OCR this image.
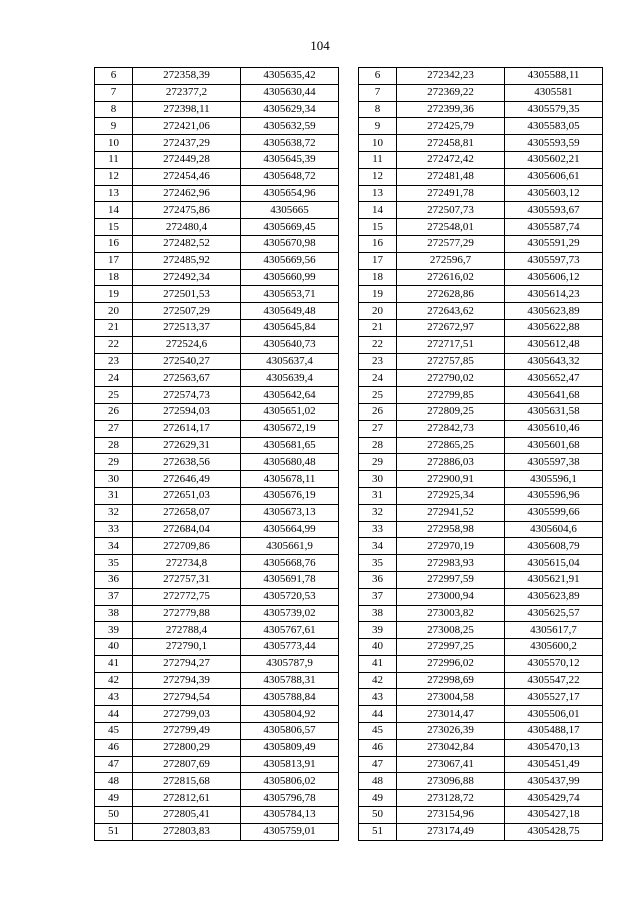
104
6	272358,39	4305635,42
7	272377,2	4305630,44
8	272398,11	4305629,34
9	272421,06	4305632,59
10	272437,29	4305638,72
11	272449,28	4305645,39
12	272454,46	4305648,72
13	272462,96	4305654,96
14	272475,86	4305665
15	272480,4	4305669,45
16	272482,52	4305670,98
17	272485,92	4305669,56
18	272492,34	4305660,99
19	272501,53	4305653,71
20	272507,29	4305649,48
21	272513,37	4305645,84
22	272524,6	4305640,73
23	272540,27	4305637,4
24	272563,67	4305639,4
25	272574,73	4305642,64
26	272594,03	4305651,02
27	272614,17	4305672,19
28	272629,31	4305681,65
29	272638,56	4305680,48
30	272646,49	4305678,11
31	272651,03	4305676,19
32	272658,07	4305673,13
33	272684,04	4305664,99
34	272709,86	4305661,9
35	272734,8	4305668,76
36	272757,31	4305691,78
37	272772,75	4305720,53
38	272779,88	4305739,02
39	272788,4	4305767,61
40	272790,1	4305773,44
41	272794,27	4305787,9
42	272794,39	4305788,31
43	272794,54	4305788,84
44	272799,03	4305804,92
45	272799,49	4305806,57
46	272800,29	4305809,49
47	272807,69	4305813,91
48	272815,68	4305806,02
49	272812,61	4305796,78
50	272805,41	4305784,13
51	272803,83	4305759,01
6	272342,23	4305588,11
7	272369,22	4305581
8	272399,36	4305579,35
9	272425,79	4305583,05
10	272458,81	4305593,59
11	272472,42	4305602,21
12	272481,48	4305606,61
13	272491,78	4305603,12
14	272507,73	4305593,67
15	272548,01	4305587,74
16	272577,29	4305591,29
17	272596,7	4305597,73
18	272616,02	4305606,12
19	272628,86	4305614,23
20	272643,62	4305623,89
21	272672,97	4305622,88
22	272717,51	4305612,48
23	272757,85	4305643,32
24	272790,02	4305652,47
25	272799,85	4305641,68
26	272809,25	4305631,58
27	272842,73	4305610,46
28	272865,25	4305601,68
29	272886,03	4305597,38
30	272900,91	4305596,1
31	272925,34	4305596,96
32	272941,52	4305599,66
33	272958,98	4305604,6
34	272970,19	4305608,79
35	272983,93	4305615,04
36	272997,59	4305621,91
37	273000,94	4305623,89
38	273003,82	4305625,57
39	273008,25	4305617,7
40	272997,25	4305600,2
41	272996,02	4305570,12
42	272998,69	4305547,22
43	273004,58	4305527,17
44	273014,47	4305506,01
45	273026,39	4305488,17
46	273042,84	4305470,13
47	273067,41	4305451,49
48	273096,88	4305437,99
49	273128,72	4305429,74
50	273154,96	4305427,18
51	273174,49	4305428,75
